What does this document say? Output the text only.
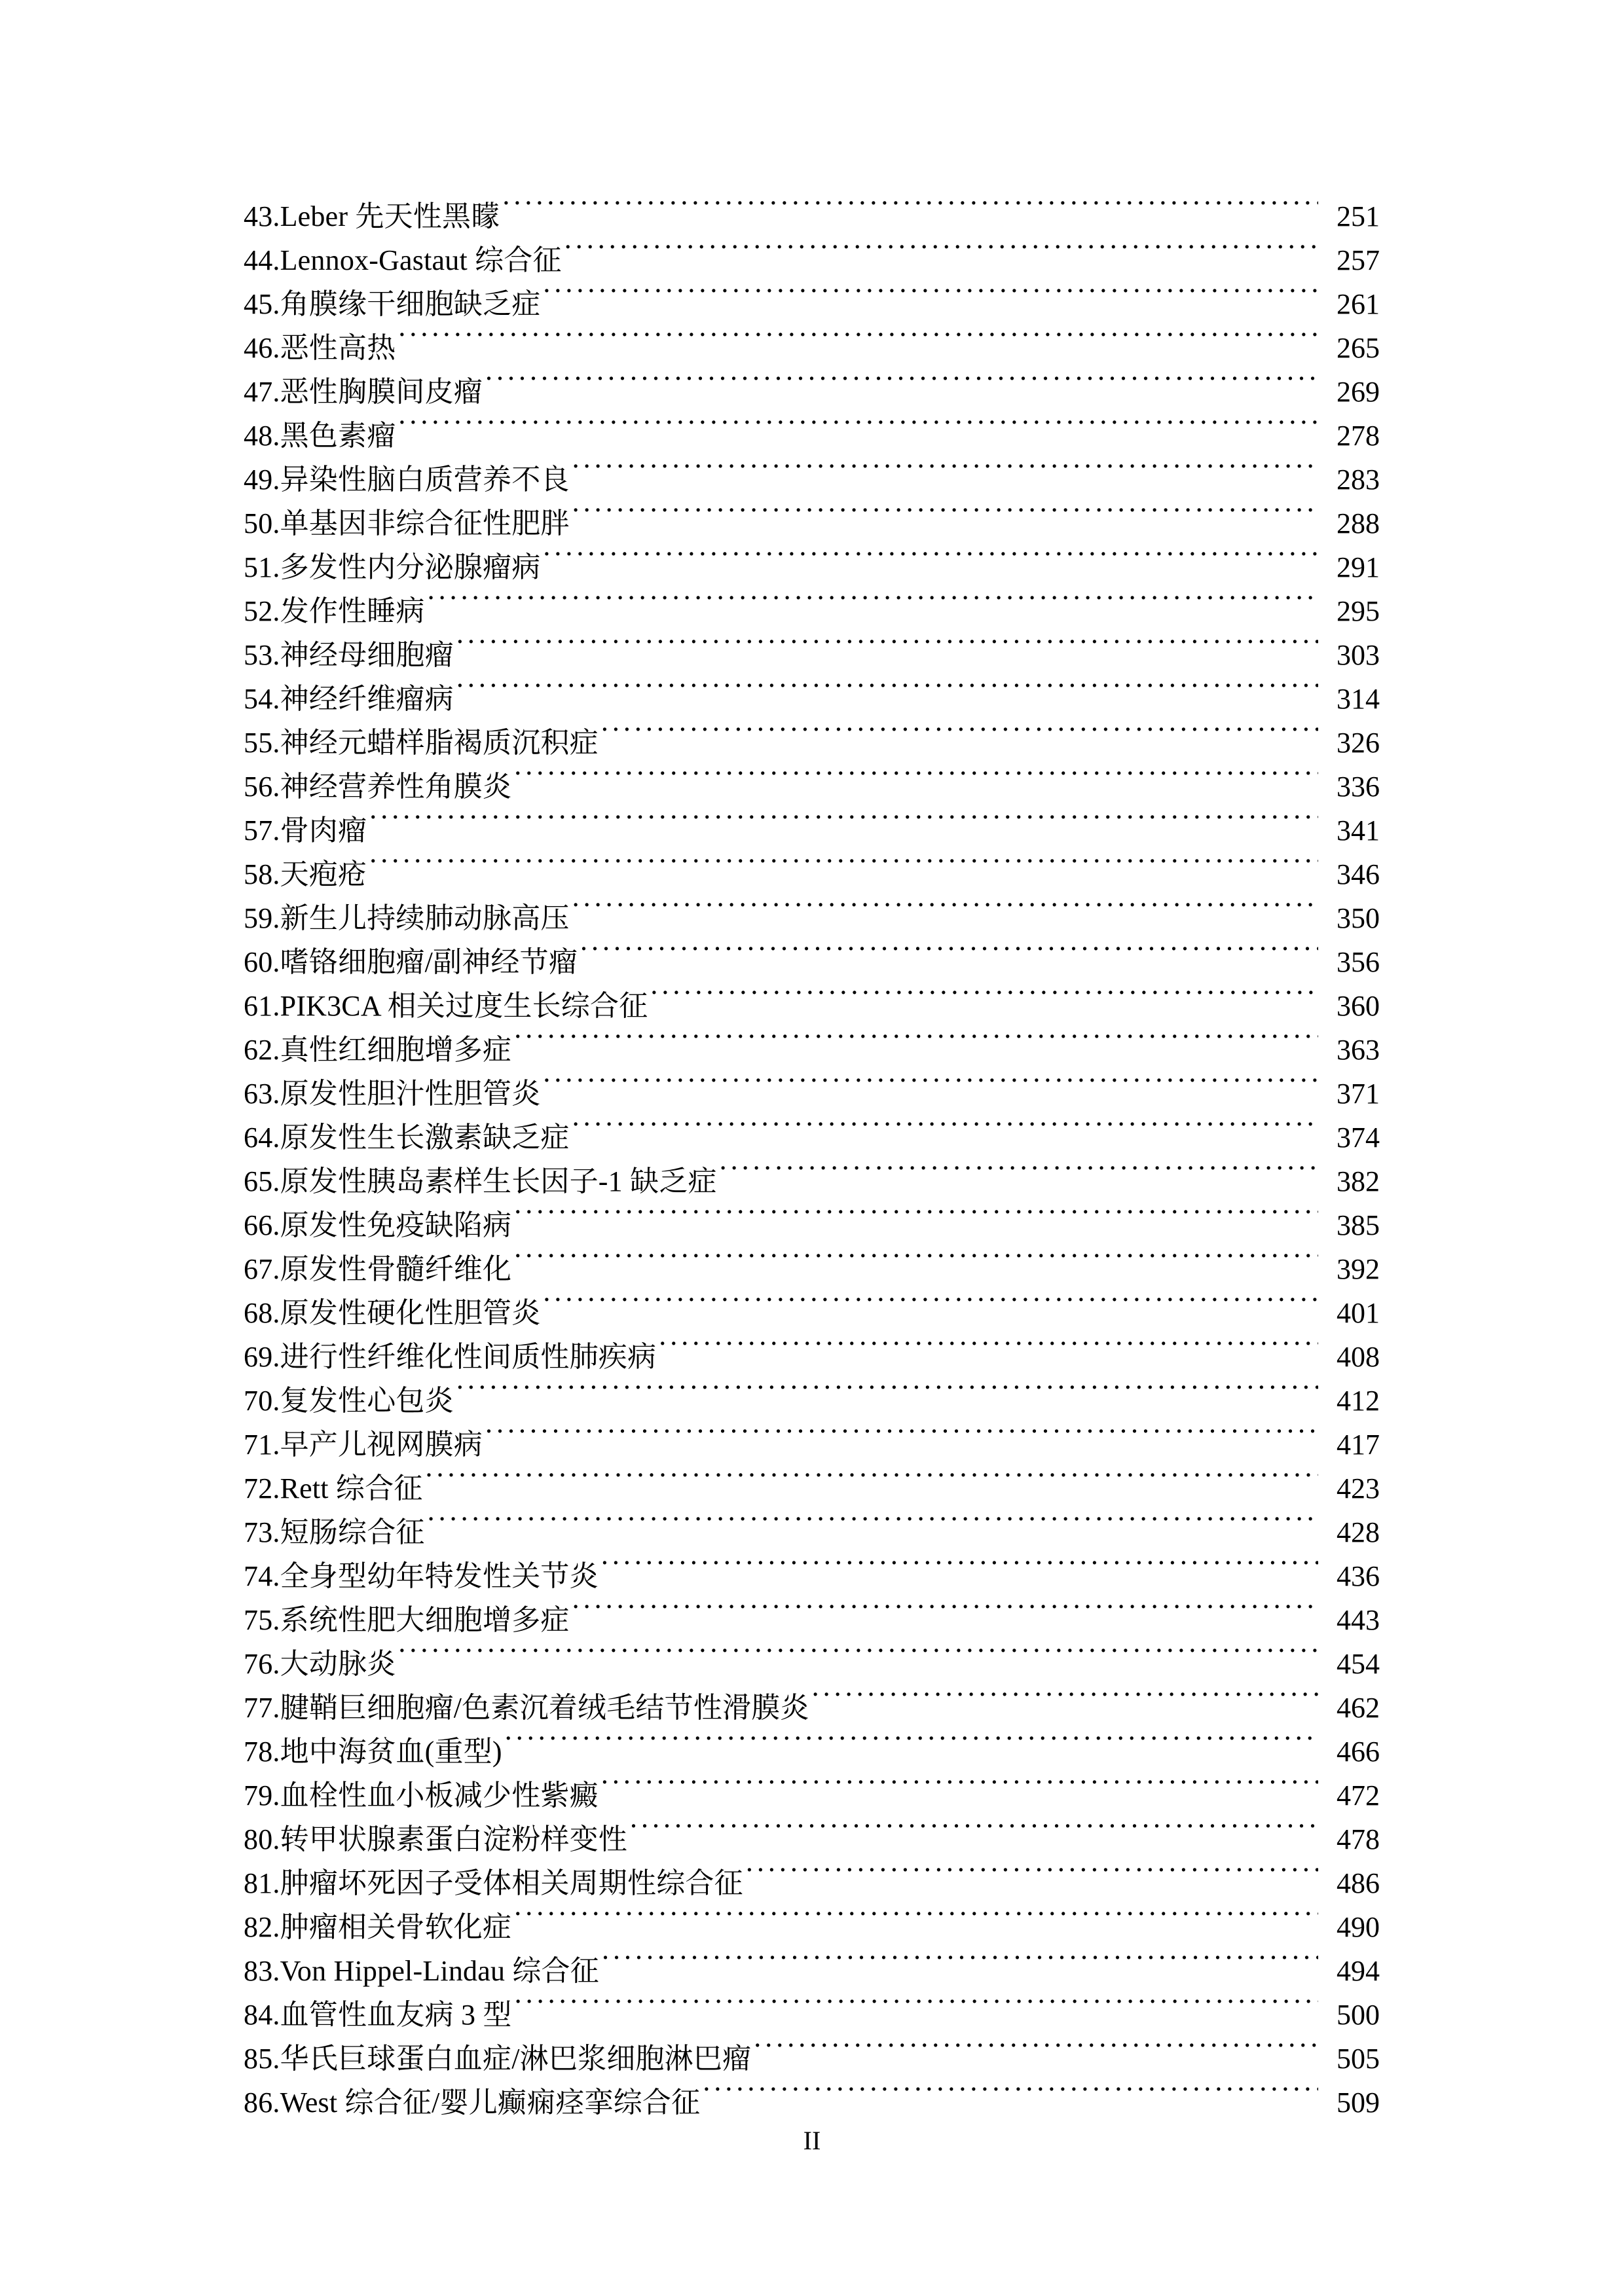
43.Leber 先天性黑矇 . . .	251
44.Lennox-Gastaut 综合征 . . .	257
45.角膜缘干细胞缺乏症 . . .	261
46.恶性高热 . . .	265
47.恶性胸膜间皮瘤 . . .	269
48.黑色素瘤 . . .	278
49.异染性脑白质营养不良 . . .	283
50.单基因非综合征性肥胖 . . .	288
51.多发性内分泌腺瘤病 . . .	291
52.发作性睡病 . . .	295
53.神经母细胞瘤 . . .	303
54.神经纤维瘤病 . . .	314
55.神经元蜡样脂褐质沉积症 . . .	326
56.神经营养性角膜炎 . . .	336
57.骨肉瘤 . . .	341
58.天疱疮 . . .	346
59.新生儿持续肺动脉高压 . . .	350
60.嗜铬细胞瘤/副神经节瘤 . . .	356
61.PIK3CA 相关过度生长综合征 . . .	360
62.真性红细胞增多症 . . .	363
63.原发性胆汁性胆管炎 . . .	371
64.原发性生长激素缺乏症 . . .	374
65.原发性胰岛素样生长因子-1 缺乏症 . . .	382
66.原发性免疫缺陷病 . . .	385
67.原发性骨髓纤维化 . . .	392
68.原发性硬化性胆管炎 . . .	401
69.进行性纤维化性间质性肺疾病 . . .	408
70.复发性心包炎 . . .	412
71.早产儿视网膜病 . . .	417
72.Rett 综合征 . . .	423
73.短肠综合征 . . .	428
74.全身型幼年特发性关节炎 . . .	436
75.系统性肥大细胞增多症 . . .	443
76.大动脉炎 . . .	454
77.腱鞘巨细胞瘤/色素沉着绒毛结节性滑膜炎 . . .	462
78.地中海贫血(重型) . . .	466
79.血栓性血小板减少性紫癜 . . .	472
80.转甲状腺素蛋白淀粉样变性 . . .	478
81.肿瘤坏死因子受体相关周期性综合征 . . .	486
82.肿瘤相关骨软化症 . . .	490
83.Von Hippel-Lindau 综合征 . . .	494
84.血管性血友病 3 型 . . .	500
85.华氏巨球蛋白血症/淋巴浆细胞淋巴瘤 . . .	505
86.West 综合征/婴儿癫痫痉挛综合征 . . .	509
II
